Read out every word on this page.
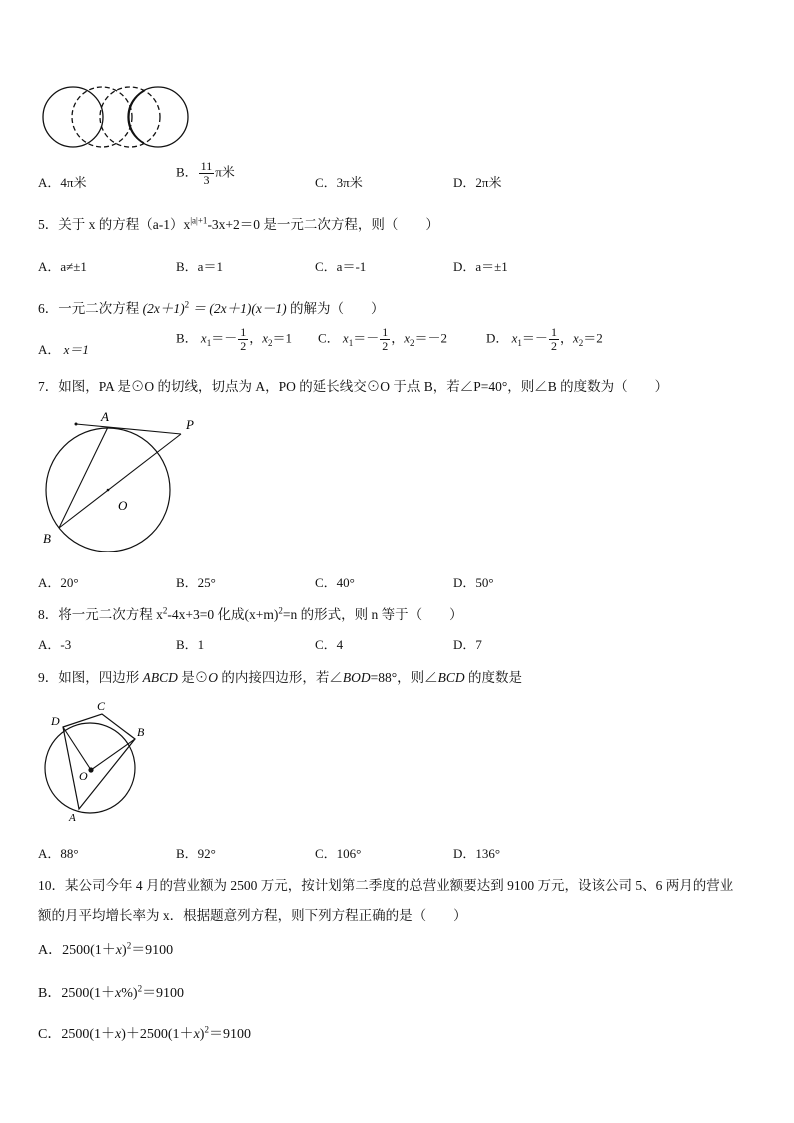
A．4π米
B． $\frac{11}{3}$ π米
C．3π米	D．2π米
5．关于 x 的方程$(a-1)x^{|a|+1}-3x+2=0$ 是一元二次方程，则（　　）
A．a≠±1	B．a＝1	C．a＝-1	D．a＝±1
6．一元二次方程 $(2x+1)^2 = (2x+1)(x-1)$ 的解为（　　）
A． x＝1
B． $x_1=- \frac{1}{2}$ ，$x_2=1$ C． $x_1=- \frac{1}{2}$ ，$x_2=-2$	D． $x_1=- \frac{1}{2}$ ，$x_2=2$
7．如图，PA 是⊙O 的切线，切点为 A，PO 的延长线交⊙O 于点 B，若∠P=40°，则∠B 的度数为（　　）
A
P
O
B
A．20°	B．25°	C．40°	D．50°
8．将一元二次方程 $x^2-4x+3=0$ 化成$(x+m)^2=n$ 的形式，则 n 等于（　　）
A．-3	B．1	C．4	D．7
9．如图，四边形 ABCD 是⊙O 的内接四边形，若∠BOD=88°，则∠BCD 的度数是
D
C
B
O
A
A．88°	B．92°	C．106°	D．136°
10．某公司今年 4 月的营业额为 2500 万元，按计划第二季度的总营业额要达到 9100 万元，设该公司 5、6 两月的营业
额的月平均增长率为 x．根据题意列方程，则下列方程正确的是（　　）
A．$2500(1+x)^2=9100$
B．$2500(1+x\%)^2=9100$
C．$2500(1+x)+2500(1+x)^2=9100$
